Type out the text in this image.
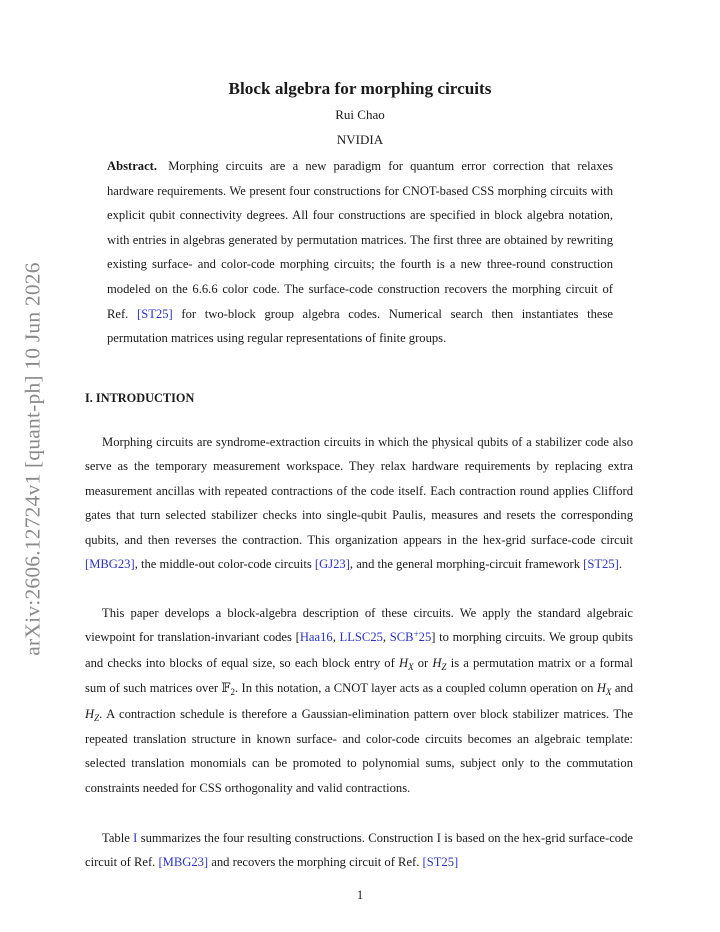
arXiv:2606.12724v1 [quant-ph] 10 Jun 2026
Block algebra for morphing circuits
Rui Chao
NVIDIA
Abstract. Morphing circuits are a new paradigm for quantum error correction that relaxes hardware requirements. We present four constructions for CNOT-based CSS morphing circuits with explicit qubit connectivity degrees. All four constructions are specified in block algebra notation, with entries in algebras generated by permutation matrices. The first three are obtained by rewriting existing surface- and color-code morphing circuits; the fourth is a new three-round construction modeled on the 6.6.6 color code. The surface-code construction recovers the morphing circuit of Ref. [ST25] for two-block group algebra codes. Numerical search then instantiates these permutation matrices using regular representations of finite groups.
I. INTRODUCTION
Morphing circuits are syndrome-extraction circuits in which the physical qubits of a stabilizer code also serve as the temporary measurement workspace. They relax hardware requirements by replacing extra measurement ancillas with repeated contractions of the code itself. Each contraction round applies Clifford gates that turn selected stabilizer checks into single-qubit Paulis, measures and resets the corresponding qubits, and then reverses the contraction. This organization appears in the hex-grid surface-code circuit [MBG23], the middle-out color-code circuits [GJ23], and the general morphing-circuit framework [ST25].
This paper develops a block-algebra description of these circuits. We apply the standard algebraic viewpoint for translation-invariant codes [Haa16, LLSC25, SCB+25] to morphing circuits. We group qubits and checks into blocks of equal size, so each block entry of $H_X$ or $H_Z$ is a permutation matrix or a formal sum of such matrices over 𝔽$_2$. In this notation, a CNOT layer acts as a coupled column operation on $H_X$ and $H_Z$. A contraction schedule is therefore a Gaussian-elimination pattern over block stabilizer matrices. The repeated translation structure in known surface- and color-code circuits becomes an algebraic template: selected translation monomials can be promoted to polynomial sums, subject only to the commutation constraints needed for CSS orthogonality and valid contractions.
Table I summarizes the four resulting constructions. Construction I is based on the hex-grid surface-code circuit of Ref. [MBG23] and recovers the morphing circuit of Ref. [ST25]
1
